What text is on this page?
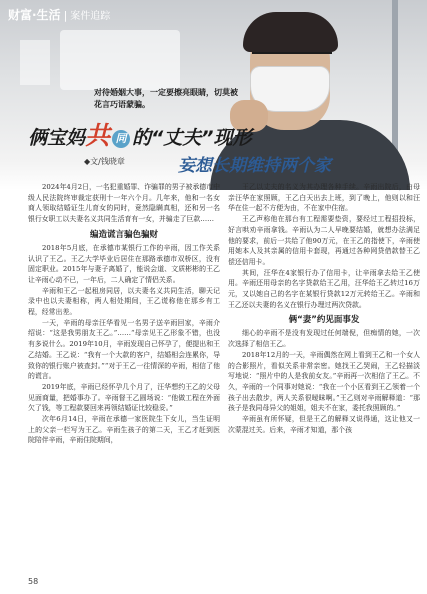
财富·生活 | 案件追踪
对待婚姻大事，一定要擦亮眼睛，切莫被花言巧语蒙骗。
俩宝妈共 同 的“丈夫”现形
◆文/钱晓章	妄想长期维持两个家

2024年4月2日，一名犯重婚罪、诈骗罪的男子被承德市中级人民法院终审裁定获刑十一年六个月。几年来，他和一名女商人领取结婚证生儿育女的同时，竟然隐瞒真相，还和另一名银行女职工以夫妻名义共同生活育有一女，并骗走了巨款……

编造谎言骗色骗财

2018年5月底，在承德市某银行工作的辛雨，因工作关系认识了王乙。王乙大学毕业后居住在那路承德市双桥区，没有固定职业。2015年与妻子离婚了，能说会道、文质彬彬的王乙让辛雨心动不已，一年后，二人确定了情侣关系。

辛雨和王乙一起租房同居，以夫妻名义共同生活，聊天记录中也以夫妻相称，两人相处期间，王乙谎称他在那乡有工程，经常出差。

一天，辛雨的母亲汪华看见一名男子送辛雨回家，辛雨介绍说：“这是我男朋友王乙。”……“母亲见王乙形象不错，也没有多说什么。2019年10月，辛雨发现自己怀孕了，便提出和王乙结婚。王乙说：“我有一个大款的客户，结婚相会连累你，导致你的银行账户被查封。”“对于王乙一往情深的辛雨，相信了他的谎言。

2019年底，辛雨已经怀孕几个月了，汪华想约王乙的父母见面商量，把婚事办了。辛雨督王乙圆场说：“他做工程在外面欠了钱，等工程款要回来再领结婚证比较稳妥。”

次年6月14日，辛雨在承德一家医院生下女儿，当生证明上的父亲一栏写为王乙。辛雨生孩子的第二天，王乙才赶到医院陪伴辛雨，辛雨住院期间，

王乙以丈夫的名义为其办理各种手续。辛雨出院后，由母亲汪华在家照顾，王乙白天出去上班，到了晚上，他则以和汪华在住一起不方便为由，不在家中住宿。

王乙声称他在那台有工程需要垫资，要经过工程招投标，好言哄劝辛雨拿钱。辛雨认为二人早晚要结婚，就想办法满足他的要求，前后一共给了他90万元，在王乙的指使下，辛雨使用她本人及其亲属的信用卡套现，再通过各种网贷借款替王乙偿还信用卡。

其间，汪华在4家银行办了信用卡，让辛雨拿去给王乙使用。辛雨还用母亲的名字贷款给王乙用，汪华给王乙转过16万元，又以她自己的名字在某银行贷款12万元转给王乙。辛雨和王乙还以夫妻的名义在银行办理过两次贷款。

俩“妻”约见面事发

细心的辛雨不是没有发现过任何端倪，但痴情的她，一次次选择了相信王乙。

2018年12月的一天，辛雨偶然在网上看到王乙和一个女人的合影照片，看似关系非常亲密。她找王乙哭闹，王乙轻描淡写地说：“照片中的人是我前女友。”辛雨再一次相信了王乙。不久，辛雨的一个同事对她说：“我在一个小区看到王乙领着一个孩子出去散步，两人关系很暧昧啊。”王乙则对辛雨解释道：“那孩子是我同母异父的姐姐，姐夫不在家，委托我照顾的。”

辛雨虽有所怀疑，但是王乙的解释又说得通，这让他又一次蒙混过关。后来，辛雨才知道，那个孩

58
